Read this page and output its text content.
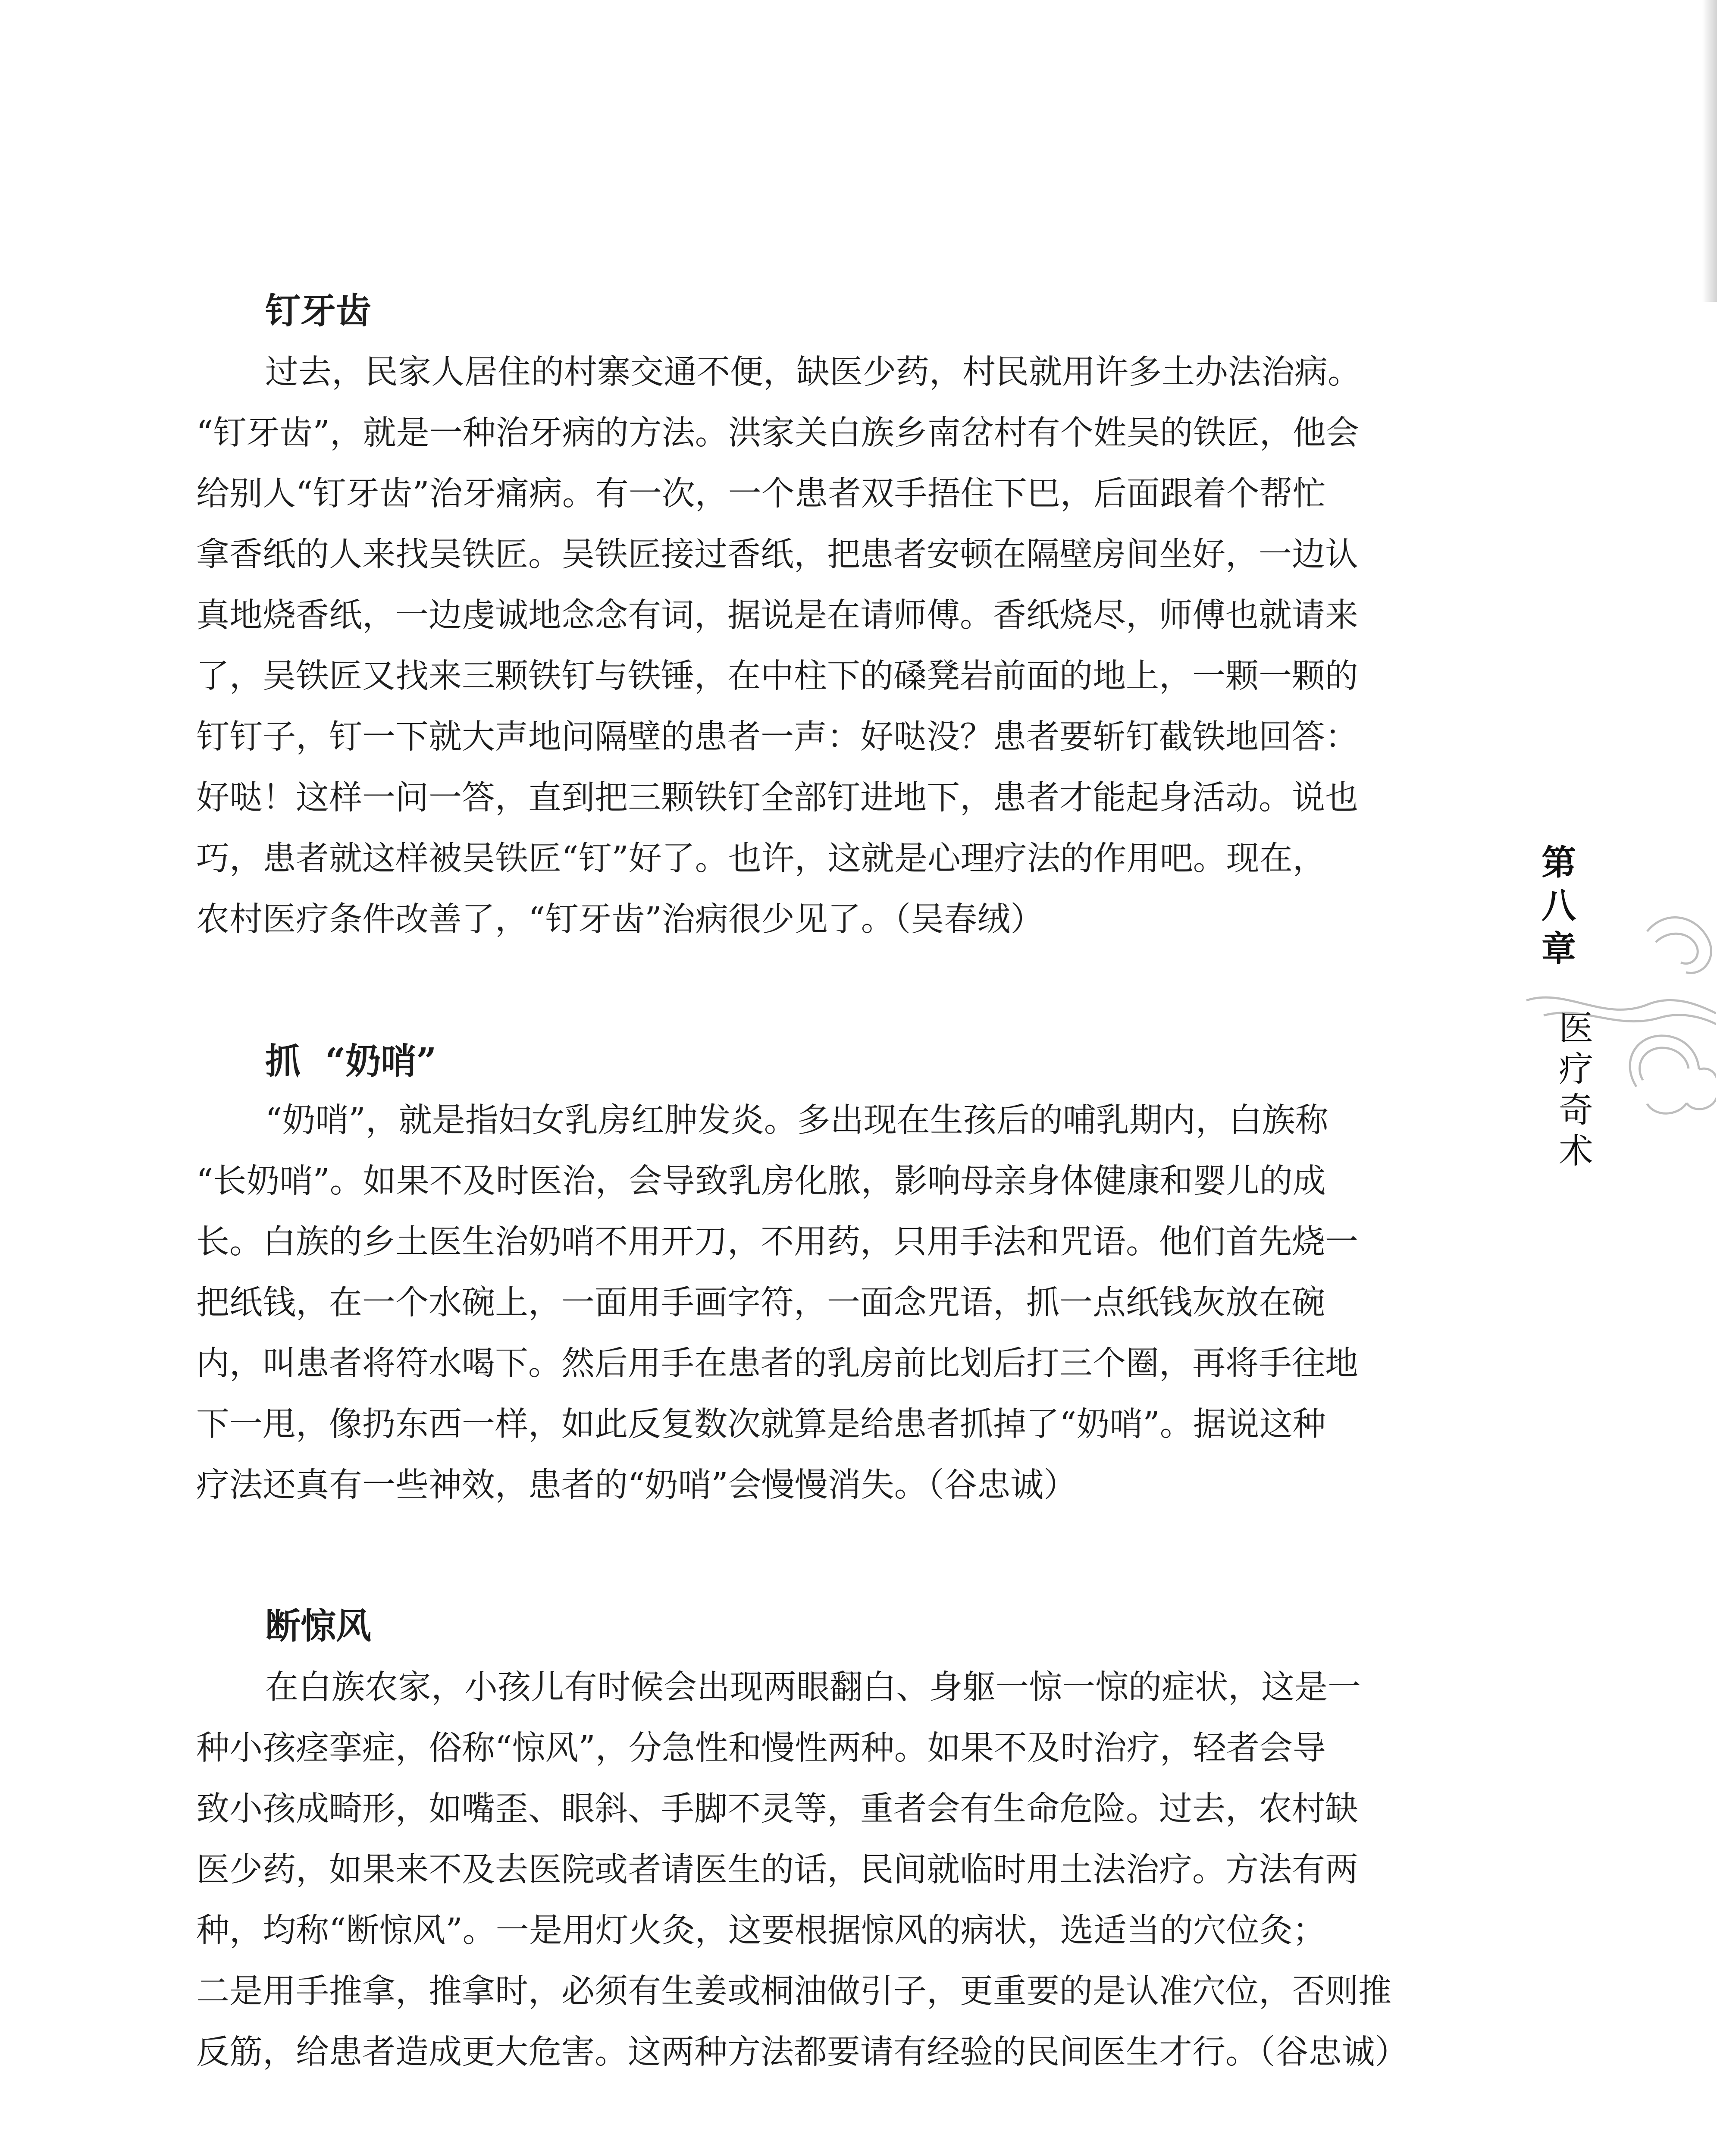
钉牙齿

过去，民家人居住的村寨交通不便，缺医少药，村民就用许多土办法治病。

“钉牙齿”，就是一种治牙病的方法。洪家关白族乡南岔村有个姓吴的铁匠，他会

给别人“钉牙齿”治牙痛病。有一次，一个患者双手捂住下巴，后面跟着个帮忙

拿香纸的人来找吴铁匠。吴铁匠接过香纸，把患者安顿在隔壁房间坐好，一边认

真地烧香纸，一边虔诚地念念有词，据说是在请师傅。香纸烧尽，师傅也就请来

了，吴铁匠又找来三颗铁钉与铁锤，在中柱下的磉凳岩前面的地上，一颗一颗的

钉钉子，钉一下就大声地问隔壁的患者一声：好哒没？患者要斩钉截铁地回答：

好哒！这样一问一答，直到把三颗铁钉全部钉进地下，患者才能起身活动。说也

巧，患者就这样被吴铁匠“钉”好了。也许，这就是心理疗法的作用吧。现在，

农村医疗条件改善了，“钉牙齿”治病很少见了。（吴春绒）

抓  “奶哨”

“奶哨”，就是指妇女乳房红肿发炎。多出现在生孩后的哺乳期内，白族称

“长奶哨”。如果不及时医治，会导致乳房化脓，影响母亲身体健康和婴儿的成

长。白族的乡土医生治奶哨不用开刀，不用药，只用手法和咒语。他们首先烧一

把纸钱，在一个水碗上，一面用手画字符，一面念咒语，抓一点纸钱灰放在碗

内，叫患者将符水喝下。然后用手在患者的乳房前比划后打三个圈，再将手往地

下一甩，像扔东西一样，如此反复数次就算是给患者抓掉了“奶哨”。据说这种

疗法还真有一些神效，患者的“奶哨”会慢慢消失。（谷忠诚）

断惊风

在白族农家，小孩儿有时候会出现两眼翻白、身躯一惊一惊的症状，这是一

种小孩痉挛症，俗称“惊风”，分急性和慢性两种。如果不及时治疗，轻者会导

致小孩成畸形，如嘴歪、眼斜、手脚不灵等，重者会有生命危险。过去，农村缺

医少药，如果来不及去医院或者请医生的话，民间就临时用土法治疗。方法有两

种，均称“断惊风”。一是用灯火灸，这要根据惊风的病状，选适当的穴位灸；

二是用手推拿，推拿时，必须有生姜或桐油做引子，更重要的是认准穴位，否则推

反筋，给患者造成更大危害。这两种方法都要请有经验的民间医生才行。（谷忠诚）

第
八
章
医
疗
奇
术
